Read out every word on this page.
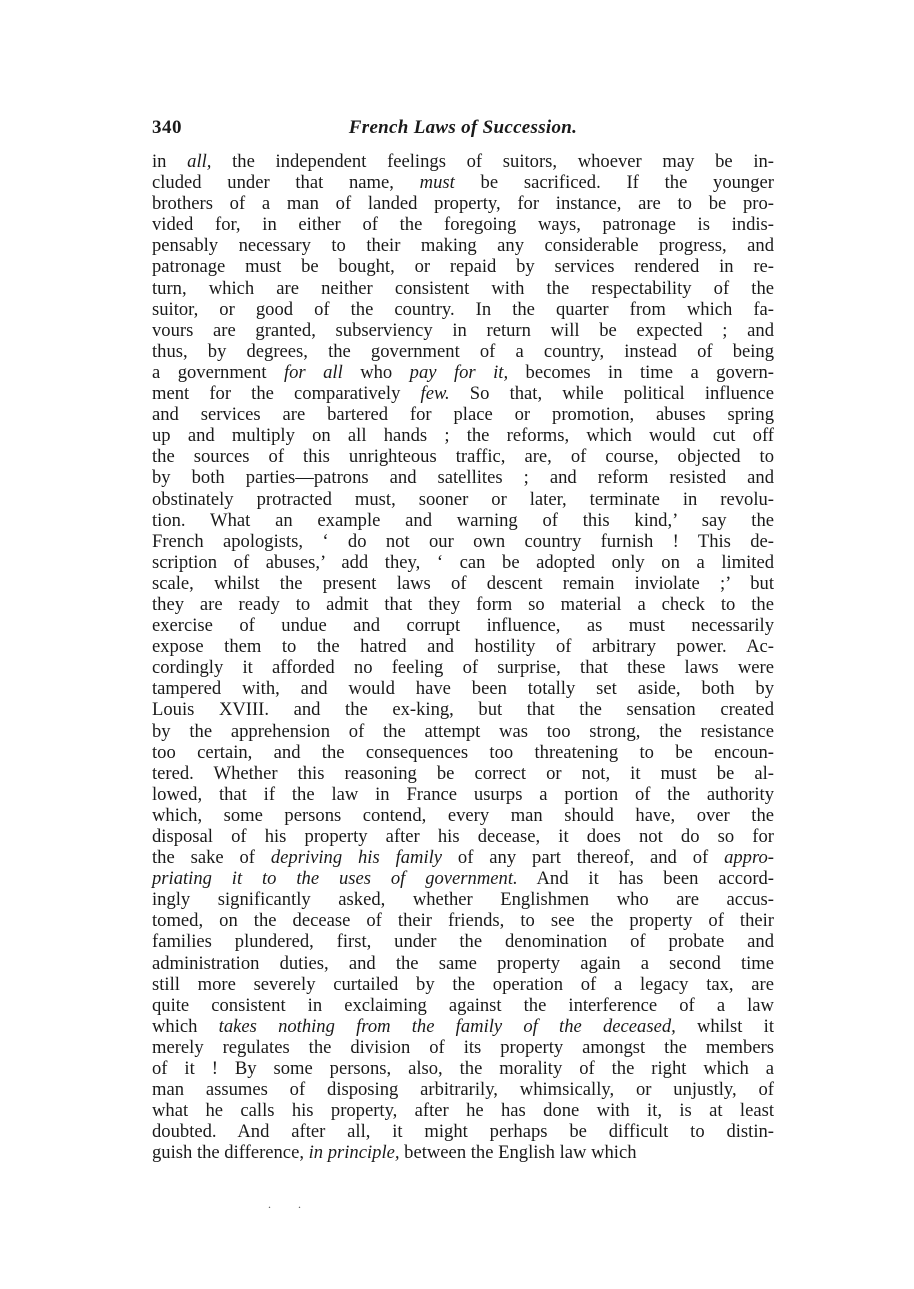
340	French Laws of Succession.
in all, the independent feelings of suitors, whoever may be in-
cluded under that name, must be sacrificed. If the younger
brothers of a man of landed property, for instance, are to be pro-
vided for, in either of the foregoing ways, patronage is indis-
pensably necessary to their making any considerable progress, and
patronage must be bought, or repaid by services rendered in re-
turn, which are neither consistent with the respectability of the
suitor, or good of the country. In the quarter from which fa-
vours are granted, subserviency in return will be expected ; and
thus, by degrees, the government of a country, instead of being
a government for all who pay for it, becomes in time a govern-
ment for the comparatively few. So that, while political influence
and services are bartered for place or promotion, abuses spring
up and multiply on all hands ; the reforms, which would cut off
the sources of this unrighteous traffic, are, of course, objected to
by both parties—patrons and satellites ; and reform resisted and
obstinately protracted must, sooner or later, terminate in revolu-
tion. What an example and warning of this kind,’ say the
French apologists, ‘ do not our own country furnish ! This de-
scription of abuses,’ add they, ‘ can be adopted only on a limited
scale, whilst the present laws of descent remain inviolate ;’ but
they are ready to admit that they form so material a check to the
exercise of undue and corrupt influence, as must necessarily
expose them to the hatred and hostility of arbitrary power. Ac-
cordingly it afforded no feeling of surprise, that these laws were
tampered with, and would have been totally set aside, both by
Louis XVIII. and the ex-king, but that the sensation created
by the apprehension of the attempt was too strong, the resistance
too certain, and the consequences too threatening to be encoun-
tered. Whether this reasoning be correct or not, it must be al-
lowed, that if the law in France usurps a portion of the authority
which, some persons contend, every man should have, over the
disposal of his property after his decease, it does not do so for
the sake of depriving his family of any part thereof, and of appro-
priating it to the uses of government. And it has been accord-
ingly significantly asked, whether Englishmen who are accus-
tomed, on the decease of their friends, to see the property of their
families plundered, first, under the denomination of probate and
administration duties, and the same property again a second time
still more severely curtailed by the operation of a legacy tax, are
quite consistent in exclaiming against the interference of a law
which takes nothing from the family of the deceased, whilst it
merely regulates the division of its property amongst the members
of it ! By some persons, also, the morality of the right which a
man assumes of disposing arbitrarily, whimsically, or unjustly, of
what he calls his property, after he has done with it, is at least
doubted. And after all, it might perhaps be difficult to distin-
guish the difference, in principle, between the English law which
. .
